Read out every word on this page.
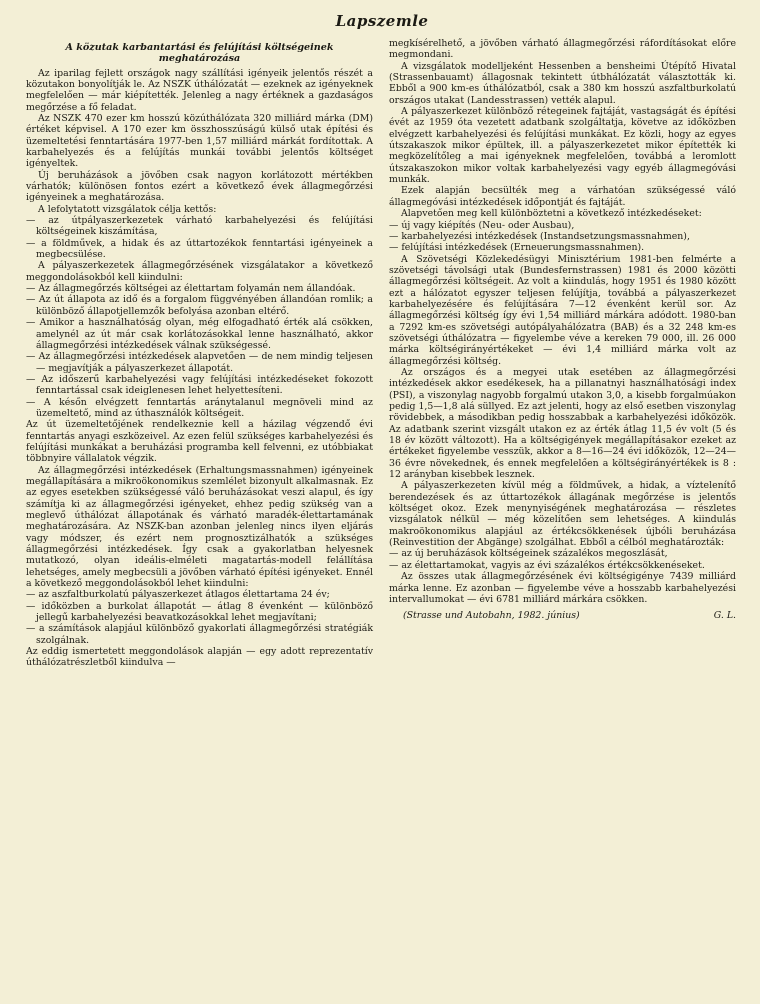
Lapszemle
A közutak karbantartási és felújítási költségeinek meghatározása

Az iparilag fejlett országok nagy szállítási igényeik jelentős részét a közutakon bonyolítják le. Az NSZK úthálózatát — ezeknek az igényeknek megfelelően — már kiépítették. Jelenleg a nagy értéknek a gazdaságos megőrzése a fő feladat.

Az NSZK 470 ezer km hosszú közúthálózata 320 milliárd márka (DM) értéket képvisel. A 170 ezer km összhosszúságú külső utak építési és üzemeltetési fenntartására 1977-ben 1,57 milliárd márkát fordítottak. A karbahelyezés és a felújítás munkái további jelentős költséget igényeltek.

Új beruházások a jövőben csak nagyon korlátozott mértékben várhatók; különösen fontos ezért a következő évek állagmegőrzési igényeinek a meghatározása.

A lefolytatott vizsgálatok célja kettős:

— az útpályaszerkezetek várható karbahelyezési és felújítási költségeinek kiszámítása,

— a földművek, a hidak és az úttartozékok fenntartási igényeinek a megbecsülése.

A pályaszerkezetek állagmegőrzésének vizsgálatakor a következő meggondolásokból kell kiindulni:

— Az állagmegőrzés költségei az élettartam folyamán nem állandóak.

— Az út állapota az idő és a forgalom függvényében állandóan romlik; a különböző állapotjellemzők befolyása azonban eltérő.

— Amikor a használhatóság olyan, még elfogadható érték alá csökken, amelynél az út már csak korlátozásokkal lenne használható, akkor állagmegőrzési intézkedések válnak szükségessé.

— Az állagmegőrzési intézkedések alapvetően — de nem mindig teljesen — megjavítják a pályaszerkezet állapotát.

— Az időszerű karbahelyezési vagy felújítási intézkedéseket fokozott fenntartással csak ideiglenesen lehet helyettesíteni.

— A későn elvégzett fenntartás aránytalanul megnöveli mind az üzemeltető, mind az úthasználók költségeit.

Az út üzemeltetőjének rendelkeznie kell a házilag végzendő évi fenntartás anyagi eszközeivel. Az ezen felül szükséges karbahelyezési és felújítási munkákat a beruházási programba kell felvenni, ez utóbbiakat többnyire vállalatok végzik.

Az állagmegőrzési intézkedések (Erhaltungsmassnahmen) igényeinek megállapítására a mikroökonomikus szemlélet bizonyult alkalmasnak. Ez az egyes esetekben szükségessé váló beruházásokat veszi alapul, és így számítja ki az állagmegőrzési igényeket, ehhez pedig szükség van a meglevő úthálózat állapotának és várható maradék-élettartamának meghatározására. Az NSZK-ban azonban jelenleg nincs ilyen eljárás vagy módszer, és ezért nem prognosztizálhatók a szükséges állagmegőrzési intézkedések. Így csak a gyakorlatban helyesnek mutatkozó, olyan ideális-elméleti magatartás-modell felállítása lehetséges, amely megbecsüli a jövőben várható építési igényeket. Ennél a következő meggondolásokból lehet kiindulni:

— az aszfaltburkolatú pályaszerkezet átlagos élettartama 24 év;

— időközben a burkolat állapotát — átlag 8 évenként — különböző jellegű karbahelyezési beavatkozásokkal lehet megjavítani;

— a számítások alapjául különböző gyakorlati állagmegőrzési stratégiák szolgálnak.

Az eddig ismertetett meggondolások alapján — egy adott reprezentatív úthálózatrészletből kiindulva —

megkísérelhető, a jövőben várható állagmegőrzési ráfordításokat előre megmondani.

A vizsgálatok modelljeként Hessenben a bensheimi Útépítő Hivatal (Strassenbauamt) állagosnak tekintett útbhálózatát választották ki. Ebből a 900 km-es úthálózatból, csak a 380 km hosszú aszfaltburkolatú országos utakat (Landesstrassen) vették alapul.

A pályaszerkezet különböző rétegeinek fajtáját, vastagságát és építési évét az 1959 óta vezetett adatbank szolgáltatja, követve az időközben elvégzett karbahelyezési és felújítási munkákat. Ez közli, hogy az egyes útszakaszok mikor épültek, ill. a pályaszerkezetet mikor építették ki megközelítőleg a mai igényeknek megfelelően, továbbá a leromlott útszakaszokon mikor voltak karbahelyezési vagy egyéb állagmegóvási munkák.

Ezek alapján becsülték meg a várhatóan szükségessé váló állagmegóvási intézkedések időpontját és fajtáját.

Alapvetően meg kell különböztetni a következő intézkedéseket:

— új vagy kiépítés (Neu- oder Ausbau),

— karbahelyezési intézkedések (Instandsetzungsmassnahmen),

— felújítási intézkedések (Erneuerungsmassnahmen).

A Szövetségi Közlekedésügyi Minisztérium 1981-ben felmérte a szövetségi távolsági utak (Bundesfernstrassen) 1981 és 2000 közötti állagmegőrzési költségeit. Az volt a kiindulás, hogy 1951 és 1980 között ezt a hálózatot egyszer teljesen felújítja, továbbá a pályaszerkezet karbahelyezésére és felújítására 7—12 évenként kerül sor. Az állagmegőrzési költség így évi 1,54 milliárd márkára adódott. 1980-ban a 7292 km-es szövetségi autópályahálózatra (BAB) és a 32 248 km-es szövetségi úthálózatra — figyelembe véve a kereken 79 000, ill. 26 000 márka költségirányértékeket — évi 1,4 milliárd márka volt az állagmegőrzési költség.

Az országos és a megyei utak esetében az állagmegőrzési intézkedések akkor esedékesek, ha a pillanatnyi használhatósági index (PSI), a viszonylag nagyobb forgalmú utakon 3,0, a kisebb forgalmúakon pedig 1,5—1,8 alá süllyed. Ez azt jelenti, hogy az első esetben viszonylag rövidebbek, a másodikban pedig hosszabbak a karbahelyezési időközök. Az adatbank szerint vizsgált utakon ez az érték átlag 11,5 év volt (5 és 18 év között változott). Ha a költségigények megállapításakor ezeket az értékeket figyelembe vesszük, akkor a 8—16—24 évi időközök, 12—24—36 évre növekednek, és ennek megfelelően a költségirányértékek is 8 : 12 arányban kisebbek lesznek.

A pályaszerkezeten kívül még a földművek, a hidak, a víztelenítő berendezések és az úttartozékok állagának megőrzése is jelentős költséget okoz. Ezek menynyiségének meghatározása — részletes vizsgálatok nélkül — még közelítően sem lehetséges. A kiindulás makroökonomikus alapjául az értékcsökkenések újbóli beruházása (Reinvestition der Abgänge) szolgálhat. Ebből a célból meghatározták:

— az új beruházások költségeinek százalékos megoszlását,

— az élettartamokat, vagyis az évi százalékos értékcsökkenéseket.

Az összes utak állagmegőrzésének évi költségigénye 7439 milliárd márka lenne. Ez azonban — figyelembe véve a hosszabb karbahelyezési intervallumokat — évi 6781 milliárd márkára csökken.

(Strasse und Autobahn, 1982. június)	G. L.
